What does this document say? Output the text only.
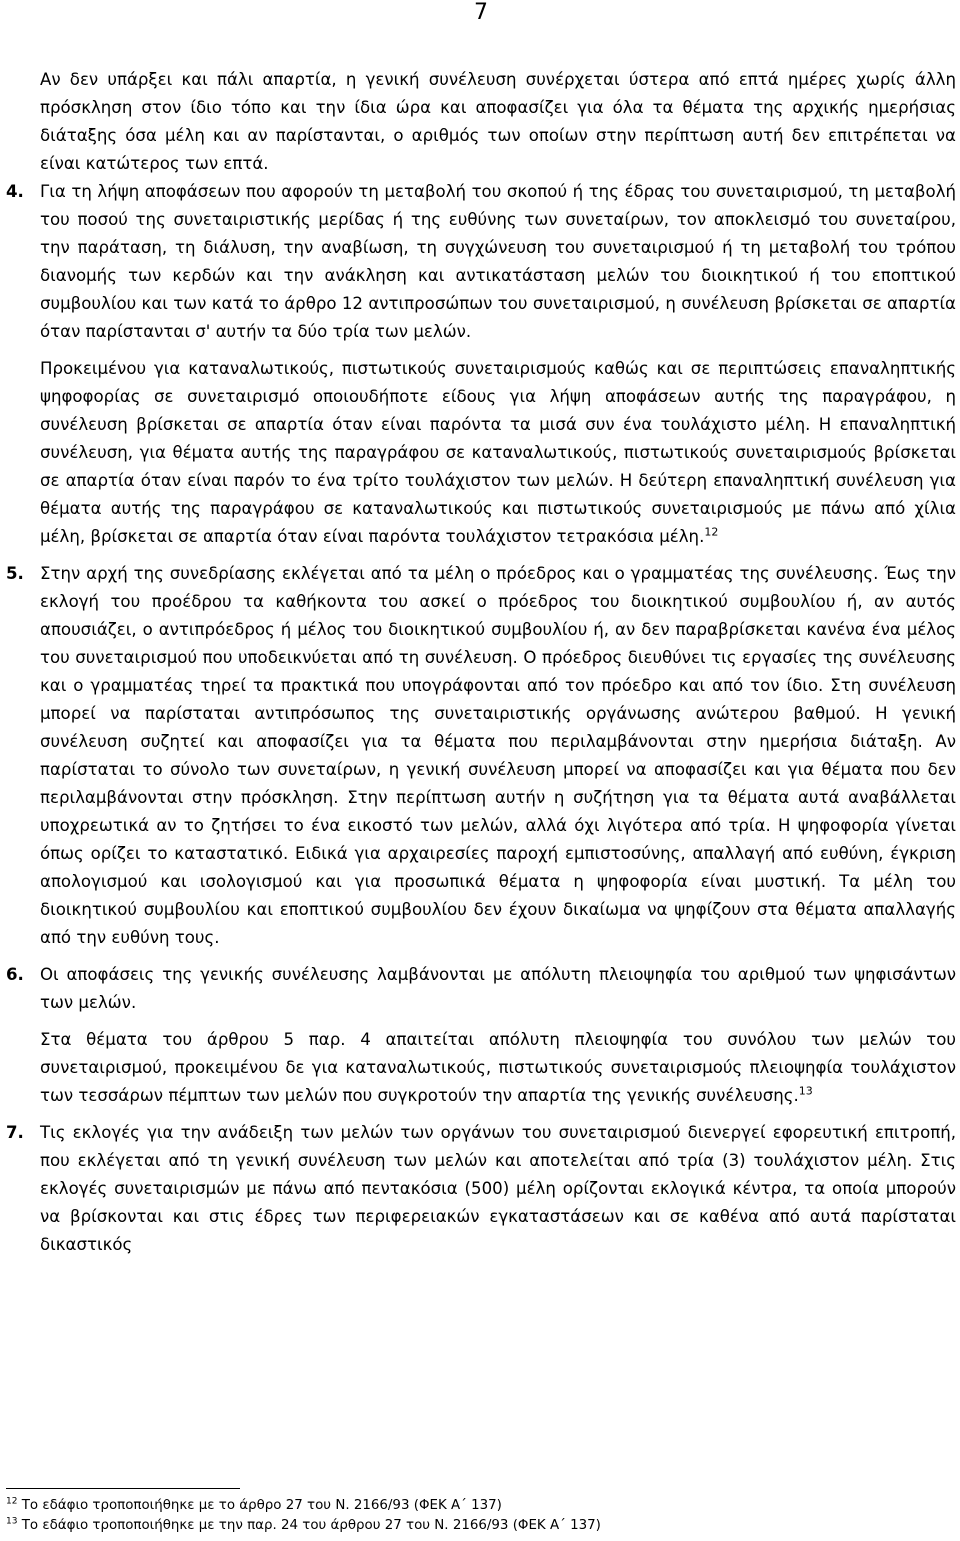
7

Αν δεν υπάρξει και πάλι απαρτία, η γενική συνέλευση συνέρχεται ύστερα από επτά ημέρες χωρίς άλλη πρόσκληση στον ίδιο τόπο και την ίδια ώρα και αποφασίζει για όλα τα θέματα της αρχικής ημερήσιας διάταξης όσα μέλη και αν παρίστανται, ο αριθμός των οποίων στην περίπτωση αυτή δεν επιτρέπεται να είναι κατώτερος των επτά.

4. Για τη λήψη αποφάσεων που αφορούν τη μεταβολή του σκοπού ή της έδρας του συνεταιρισμού, τη μεταβολή του ποσού της συνεταιριστικής μερίδας ή της ευθύνης των συνεταίρων, τον αποκλεισμό του συνεταίρου, την παράταση, τη διάλυση, την αναβίωση, τη συγχώνευση του συνεταιρισμού ή τη μεταβολή του τρόπου διανομής των κερδών και την ανάκληση και αντικατάσταση μελών του διοικητικού ή του εποπτικού συμβουλίου και των κατά το άρθρο 12 αντιπροσώπων του συνεταιρισμού, η συνέλευση βρίσκεται σε απαρτία όταν παρίστανται σ' αυτήν τα δύο τρία των μελών.

Προκειμένου για καταναλωτικούς, πιστωτικούς συνεταιρισμούς καθώς και σε περιπτώσεις επαναληπτικής ψηφοφορίας σε συνεταιρισμό οποιουδήποτε είδους για λήψη αποφάσεων αυτής της παραγράφου, η συνέλευση βρίσκεται σε απαρτία όταν είναι παρόντα τα μισά συν ένα τουλάχιστο μέλη. Η επαναληπτική συνέλευση, για θέματα αυτής της παραγράφου σε καταναλωτικούς, πιστωτικούς συνεταιρισμούς βρίσκεται σε απαρτία όταν είναι παρόν το ένα τρίτο τουλάχιστον των μελών. Η δεύτερη επαναληπτική συνέλευση για θέματα αυτής της παραγράφου σε καταναλωτικούς και πιστωτικούς συνεταιρισμούς με πάνω από χίλια μέλη, βρίσκεται σε απαρτία όταν είναι παρόντα τουλάχιστον τετρακόσια μέλη.$^{12}$

5. Στην αρχή της συνεδρίασης εκλέγεται από τα μέλη ο πρόεδρος και ο γραμματέας της συνέλευσης. Έως την εκλογή του προέδρου τα καθήκοντα του ασκεί ο πρόεδρος του διοικητικού συμβουλίου ή, αν αυτός απουσιάζει, ο αντιπρόεδρος ή μέλος του διοικητικού συμβουλίου ή, αν δεν παραβρίσκεται κανένα ένα μέλος του συνεταιρισμού που υποδεικνύεται από τη συνέλευση. Ο πρόεδρος διευθύνει τις εργασίες της συνέλευσης και ο γραμματέας τηρεί τα πρακτικά που υπογράφονται από τον πρόεδρο και από τον ίδιο. Στη συνέλευση μπορεί να παρίσταται αντιπρόσωπος της συνεταιριστικής οργάνωσης ανώτερου βαθμού. Η γενική συνέλευση συζητεί και αποφασίζει για τα θέματα που περιλαμβάνονται στην ημερήσια διάταξη. Αν παρίσταται το σύνολο των συνεταίρων, η γενική συνέλευση μπορεί να αποφασίζει και για θέματα που δεν περιλαμβάνονται στην πρόσκληση. Στην περίπτωση αυτήν η συζήτηση για τα θέματα αυτά αναβάλλεται υποχρεωτικά αν το ζητήσει το ένα εικοστό των μελών, αλλά όχι λιγότερα από τρία. Η ψηφοφορία γίνεται όπως ορίζει το καταστατικό. Ειδικά για αρχαιρεσίες παροχή εμπιστοσύνης, απαλλαγή από ευθύνη, έγκριση απολογισμού και ισολογισμού και για προσωπικά θέματα η ψηφοφορία είναι μυστική. Τα μέλη του διοικητικού συμβουλίου και εποπτικού συμβουλίου δεν έχουν δικαίωμα να ψηφίζουν στα θέματα απαλλαγής από την ευθύνη τους.
6. Οι αποφάσεις της γενικής συνέλευσης λαμβάνονται με απόλυτη πλειοψηφία του αριθμού των ψηφισάντων των μελών.

Στα θέματα του άρθρου 5 παρ. 4 απαιτείται απόλυτη πλειοψηφία του συνόλου των μελών του συνεταιρισμού, προκειμένου δε για καταναλωτικούς, πιστωτικούς συνεταιρισμούς πλειοψηφία τουλάχιστον των τεσσάρων πέμπτων των μελών που συγκροτούν την απαρτία της γενικής συνέλευσης.$^{13}$

7. Τις εκλογές για την ανάδειξη των μελών των οργάνων του συνεταιρισμού διενεργεί εφορευτική επιτροπή, που εκλέγεται από τη γενική συνέλευση των μελών και αποτελείται από τρία (3) τουλάχιστον μέλη. Στις εκλογές συνεταιρισμών με πάνω από πεντακόσια (500) μέλη ορίζονται εκλογικά κέντρα, τα οποία μπορούν να βρίσκονται και στις έδρες των περιφερειακών εγκαταστάσεων και σε καθένα από αυτά παρίσταται δικαστικός
$^{12}$ Το εδάφιο τροποποιήθηκε με το άρθρο 27 του Ν. 2166/93 (ΦΕΚ Α΄ 137)
$^{13}$ Το εδάφιο τροποποιήθηκε με την παρ. 24 του άρθρου 27 του Ν. 2166/93 (ΦΕΚ Α΄ 137)
